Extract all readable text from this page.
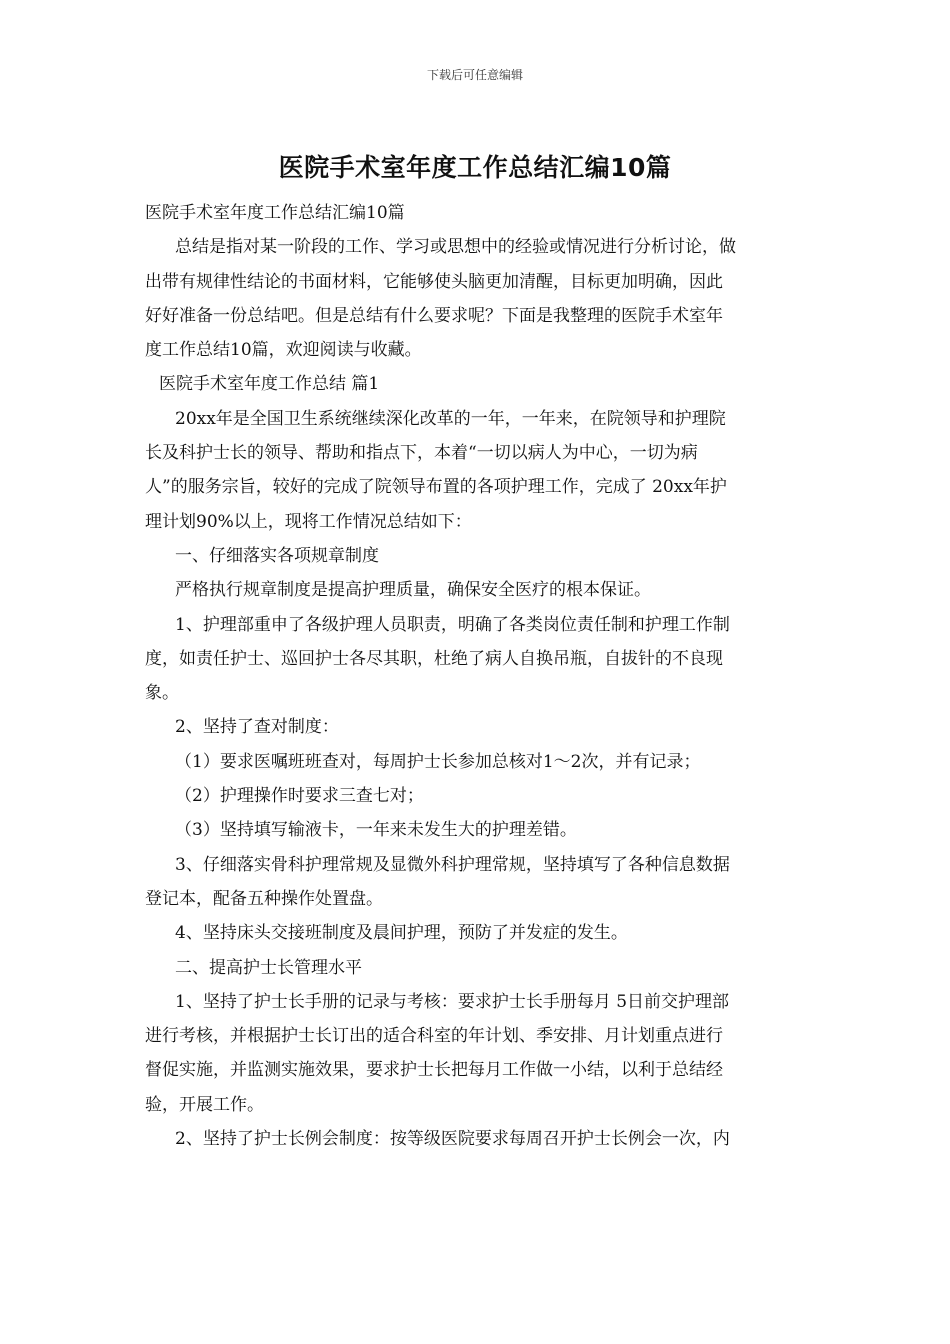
下载后可任意编辑
医院手术室年度工作总结汇编10篇
医院手术室年度工作总结汇编10篇
总结是指对某一阶段的工作、学习或思想中的经验或情况进行分析讨论，做
出带有规律性结论的书面材料，它能够使头脑更加清醒，目标更加明确，因此
好好准备一份总结吧。但是总结有什么要求呢？下面是我整理的医院手术室年
度工作总结10篇，欢迎阅读与收藏。
医院手术室年度工作总结 篇1
20xx年是全国卫生系统继续深化改革的一年，一年来，在院领导和护理院
长及科护士长的领导、帮助和指点下，本着“一切以病人为中心，一切为病
人”的服务宗旨，较好的完成了院领导布置的各项护理工作，完成了 20xx年护
理计划90%以上，现将工作情况总结如下：
一、仔细落实各项规章制度
严格执行规章制度是提高护理质量，确保安全医疗的根本保证。
1、护理部重申了各级护理人员职责，明确了各类岗位责任制和护理工作制
度，如责任护士、巡回护士各尽其职，杜绝了病人自换吊瓶，自拔针的不良现
象。
2、坚持了查对制度：
（1）要求医嘱班班查对，每周护士长参加总核对1～2次，并有记录；
（2）护理操作时要求三查七对；
（3）坚持填写输液卡，一年来未发生大的护理差错。
3、仔细落实骨科护理常规及显微外科护理常规，坚持填写了各种信息数据
登记本，配备五种操作处置盘。
4、坚持床头交接班制度及晨间护理，预防了并发症的发生。
二、提高护士长管理水平
1、坚持了护士长手册的记录与考核：要求护士长手册每月 5日前交护理部
进行考核，并根据护士长订出的适合科室的年计划、季安排、月计划重点进行
督促实施，并监测实施效果，要求护士长把每月工作做一小结，以利于总结经
验，开展工作。
2、坚持了护士长例会制度：按等级医院要求每周召开护士长例会一次，内
